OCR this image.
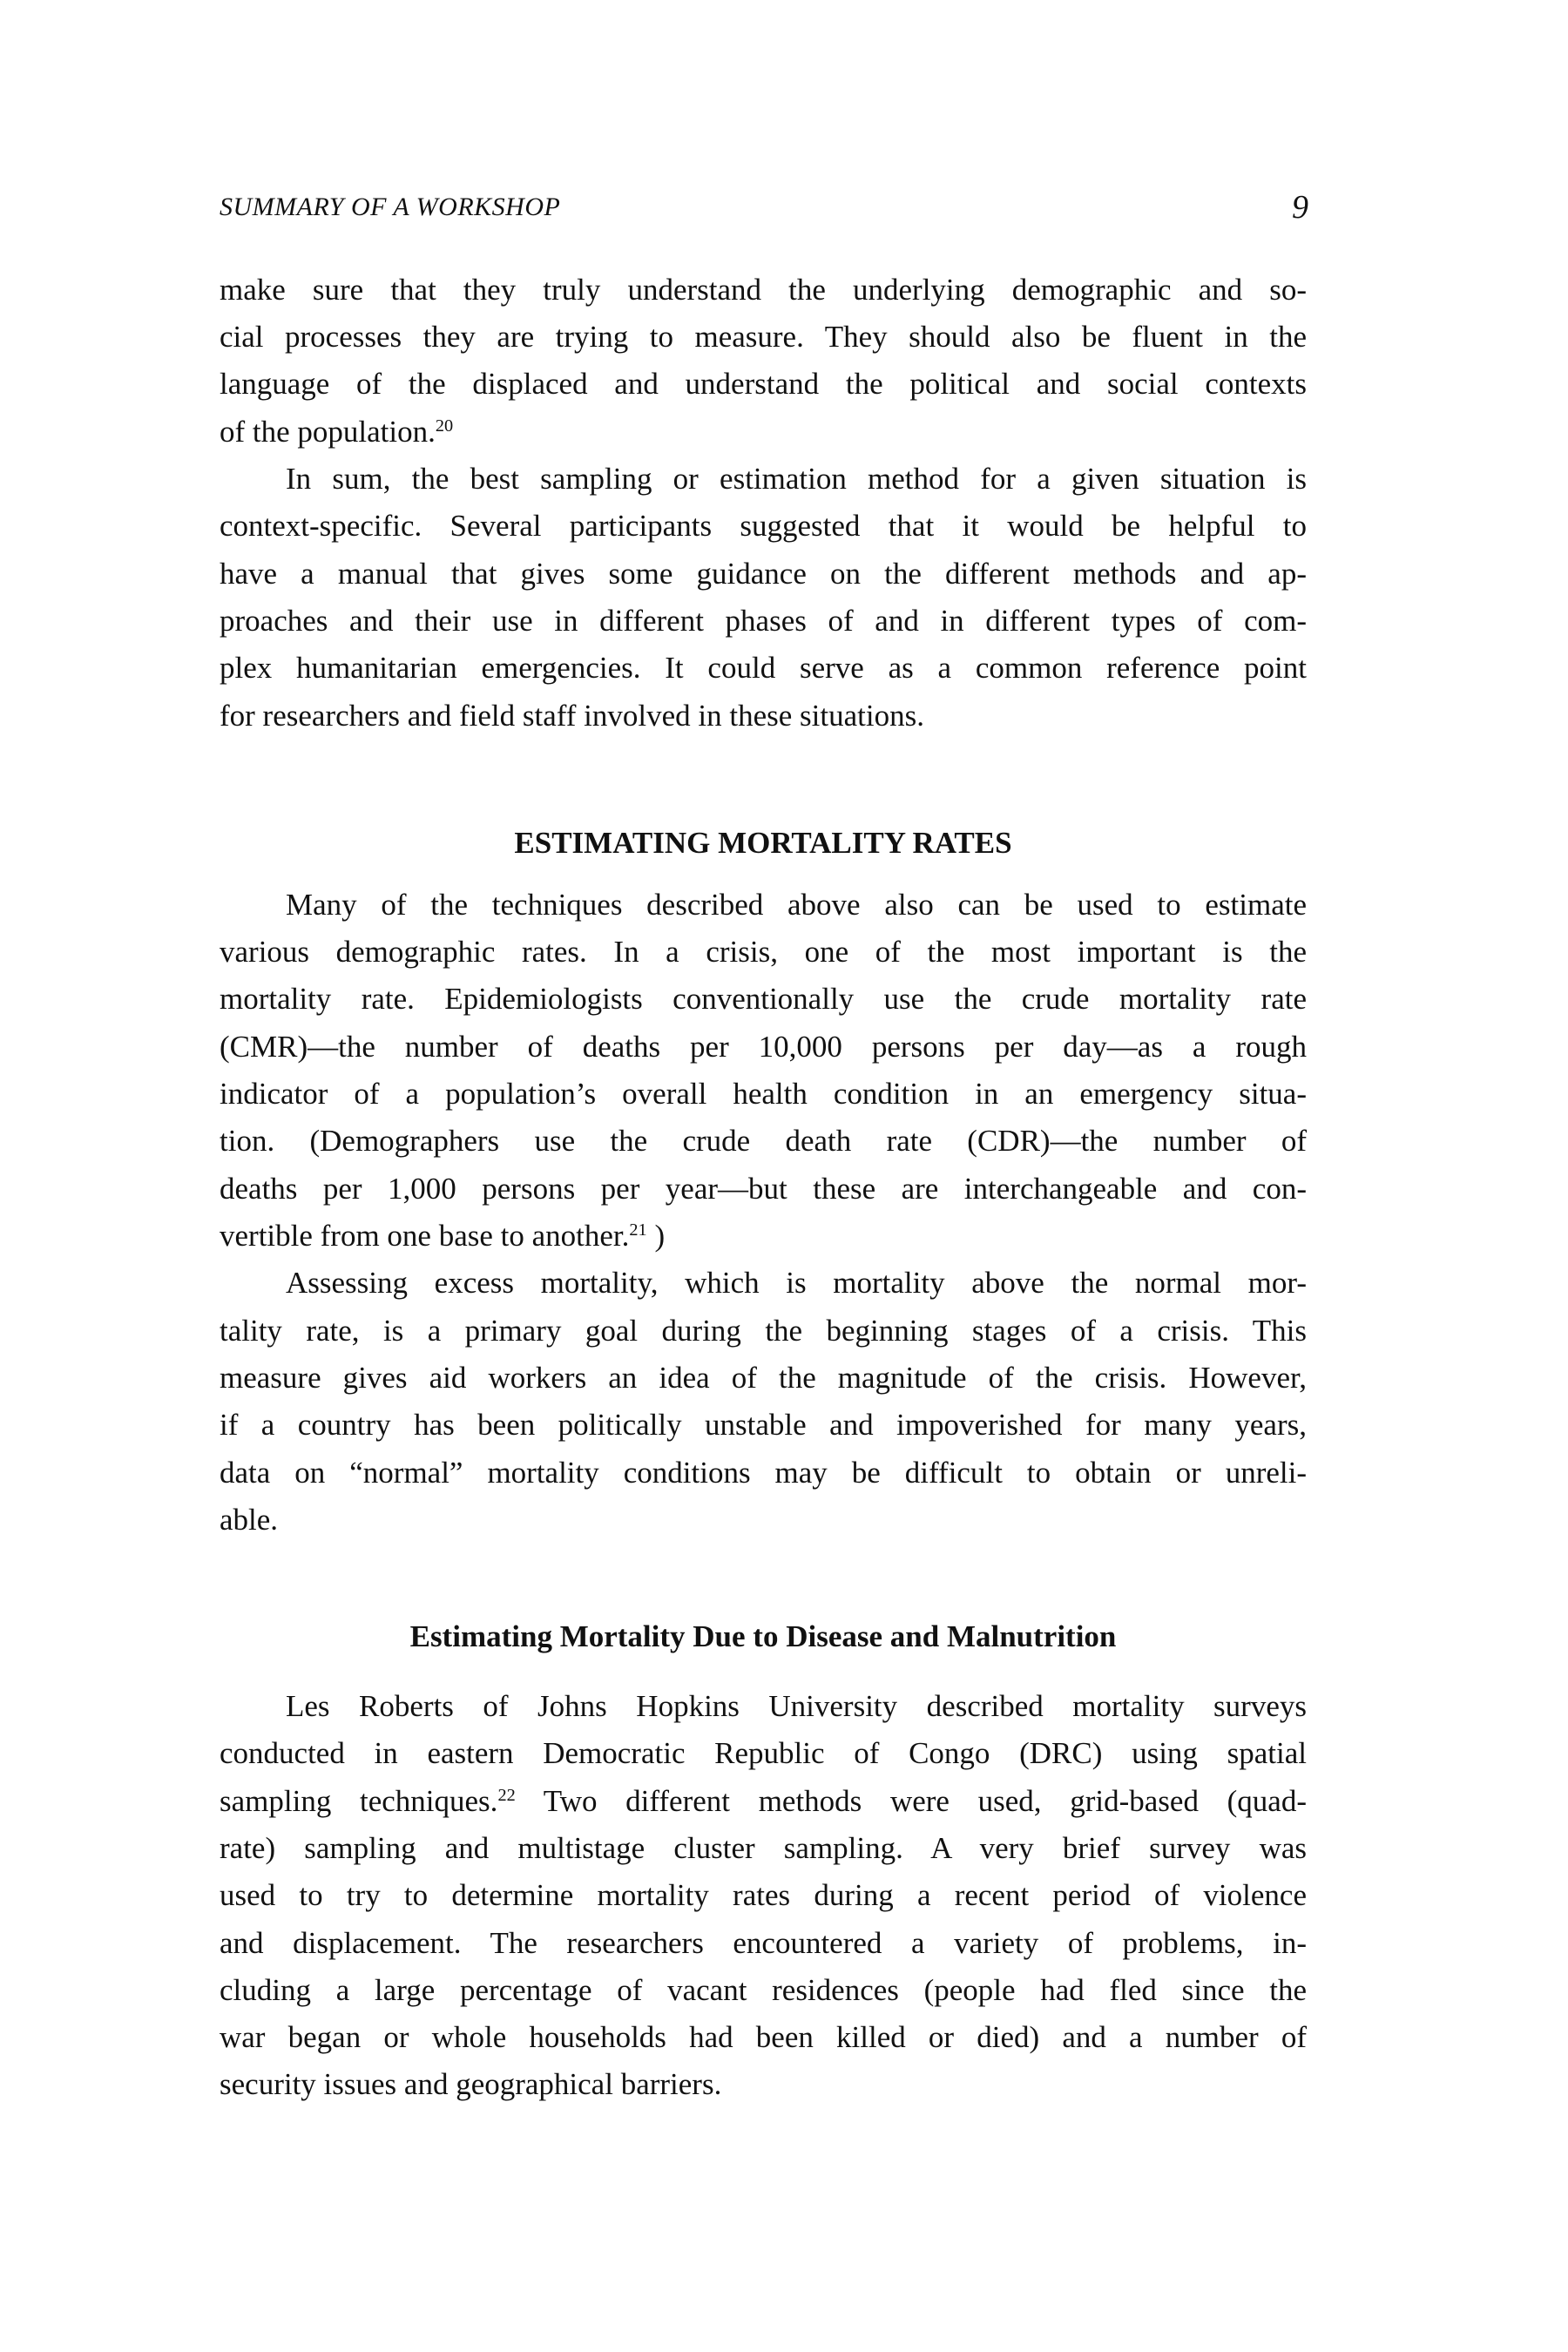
SUMMARY OF A WORKSHOP	9
make sure that they truly understand the underlying demographic and so-
cial processes they are trying to measure. They should also be fluent in the
language of the displaced and understand the political and social contexts
of the population.$^{20}$
In sum, the best sampling or estimation method for a given situation is
context-specific. Several participants suggested that it would be helpful to
have a manual that gives some guidance on the different methods and ap-
proaches and their use in different phases of and in different types of com-
plex humanitarian emergencies. It could serve as a common reference point
for researchers and field staff involved in these situations.
ESTIMATING MORTALITY RATES
Many of the techniques described above also can be used to estimate
various demographic rates. In a crisis, one of the most important is the
mortality rate. Epidemiologists conventionally use the crude mortality rate
(CMR)—the number of deaths per 10,000 persons per day—as a rough
indicator of a population’s overall health condition in an emergency situa-
tion. (Demographers use the crude death rate (CDR)—the number of
deaths per 1,000 persons per year—but these are interchangeable and con-
vertible from one base to another.$^{21}$ )
Assessing excess mortality, which is mortality above the normal mor-
tality rate, is a primary goal during the beginning stages of a crisis. This
measure gives aid workers an idea of the magnitude of the crisis. However,
if a country has been politically unstable and impoverished for many years,
data on “normal” mortality conditions may be difficult to obtain or unreli-
able.
Estimating Mortality Due to Disease and Malnutrition
Les Roberts of Johns Hopkins University described mortality surveys
conducted in eastern Democratic Republic of Congo (DRC) using spatial
sampling techniques.$^{22}$ Two different methods were used, grid-based (quad-
rate) sampling and multistage cluster sampling. A very brief survey was
used to try to determine mortality rates during a recent period of violence
and displacement. The researchers encountered a variety of problems, in-
cluding a large percentage of vacant residences (people had fled since the
war began or whole households had been killed or died) and a number of
security issues and geographical barriers.
